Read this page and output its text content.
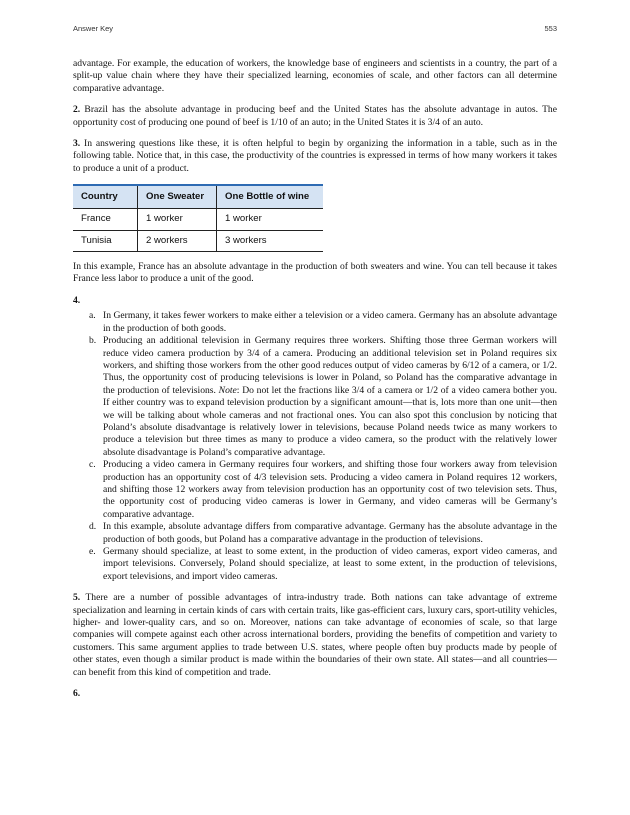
Answer Key	553

advantage. For example, the education of workers, the knowledge base of engineers and scientists in a country, the part of a split-up value chain where they have their specialized learning, economies of scale, and other factors can all determine comparative advantage.

2. Brazil has the absolute advantage in producing beef and the United States has the absolute advantage in autos. The opportunity cost of producing one pound of beef is 1/10 of an auto; in the United States it is 3/4 of an auto.

3. In answering questions like these, it is often helpful to begin by organizing the information in a table, such as in the following table. Notice that, in this case, the productivity of the countries is expressed in terms of how many workers it takes to produce a unit of a product.

Country	One Sweater	One Bottle of wine
France	1 worker	1 worker
Tunisia	2 workers	3 workers

In this example, France has an absolute advantage in the production of both sweaters and wine. You can tell because it takes France less labor to produce a unit of the good.

4.

a. In Germany, it takes fewer workers to make either a television or a video camera. Germany has an absolute advantage in the production of both goods.
b. Producing an additional television in Germany requires three workers. Shifting those three German workers will reduce video camera production by 3/4 of a camera. Producing an additional television set in Poland requires six workers, and shifting those workers from the other good reduces output of video cameras by 6/12 of a camera, or 1/2. Thus, the opportunity cost of producing televisions is lower in Poland, so Poland has the comparative advantage in the production of televisions. Note: Do not let the fractions like 3/4 of a camera or 1/2 of a video camera bother you. If either country was to expand television production by a significant amount—that is, lots more than one unit—then we will be talking about whole cameras and not fractional ones. You can also spot this conclusion by noticing that Poland’s absolute disadvantage is relatively lower in televisions, because Poland needs twice as many workers to produce a television but three times as many to produce a video camera, so the product with the relatively lower absolute disadvantage is Poland’s comparative advantage.
c. Producing a video camera in Germany requires four workers, and shifting those four workers away from television production has an opportunity cost of 4/3 television sets. Producing a video camera in Poland requires 12 workers, and shifting those 12 workers away from television production has an opportunity cost of two television sets. Thus, the opportunity cost of producing video cameras is lower in Germany, and video cameras will be Germany’s comparative advantage.
d. In this example, absolute advantage differs from comparative advantage. Germany has the absolute advantage in the production of both goods, but Poland has a comparative advantage in the production of televisions.
e. Germany should specialize, at least to some extent, in the production of video cameras, export video cameras, and import televisions. Conversely, Poland should specialize, at least to some extent, in the production of televisions, export televisions, and import video cameras.

5. There are a number of possible advantages of intra-industry trade. Both nations can take advantage of extreme specialization and learning in certain kinds of cars with certain traits, like gas-efficient cars, luxury cars, sport-utility vehicles, higher- and lower-quality cars, and so on. Moreover, nations can take advantage of economies of scale, so that large companies will compete against each other across international borders, providing the benefits of competition and variety to customers. This same argument applies to trade between U.S. states, where people often buy products made by people of other states, even though a similar product is made within the boundaries of their own state. All states—and all countries—can benefit from this kind of competition and trade.

6.
